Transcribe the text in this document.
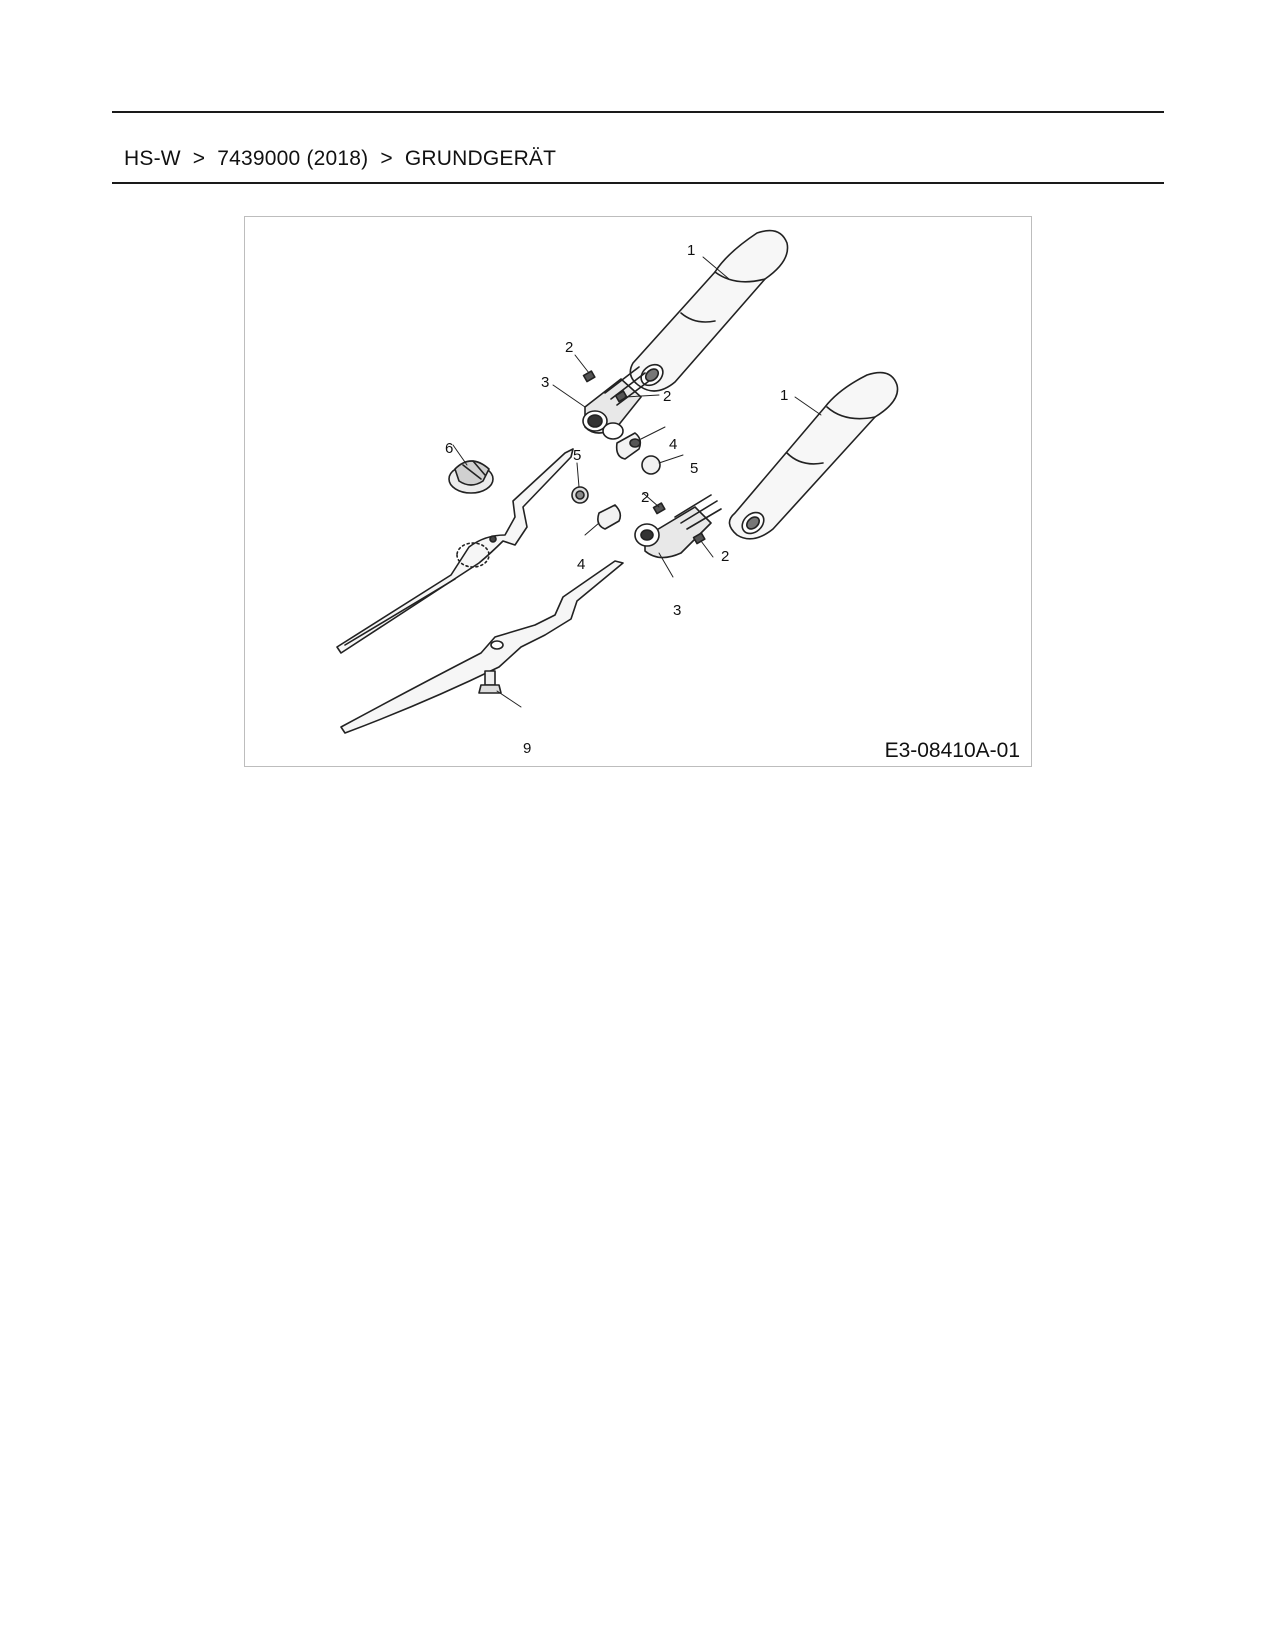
HS-W > 7439000 (2018) > GRUNDGERÄT
1
1
2
2
2
2
3
3
4
4
5
5
6
9	E3-08410A-01
